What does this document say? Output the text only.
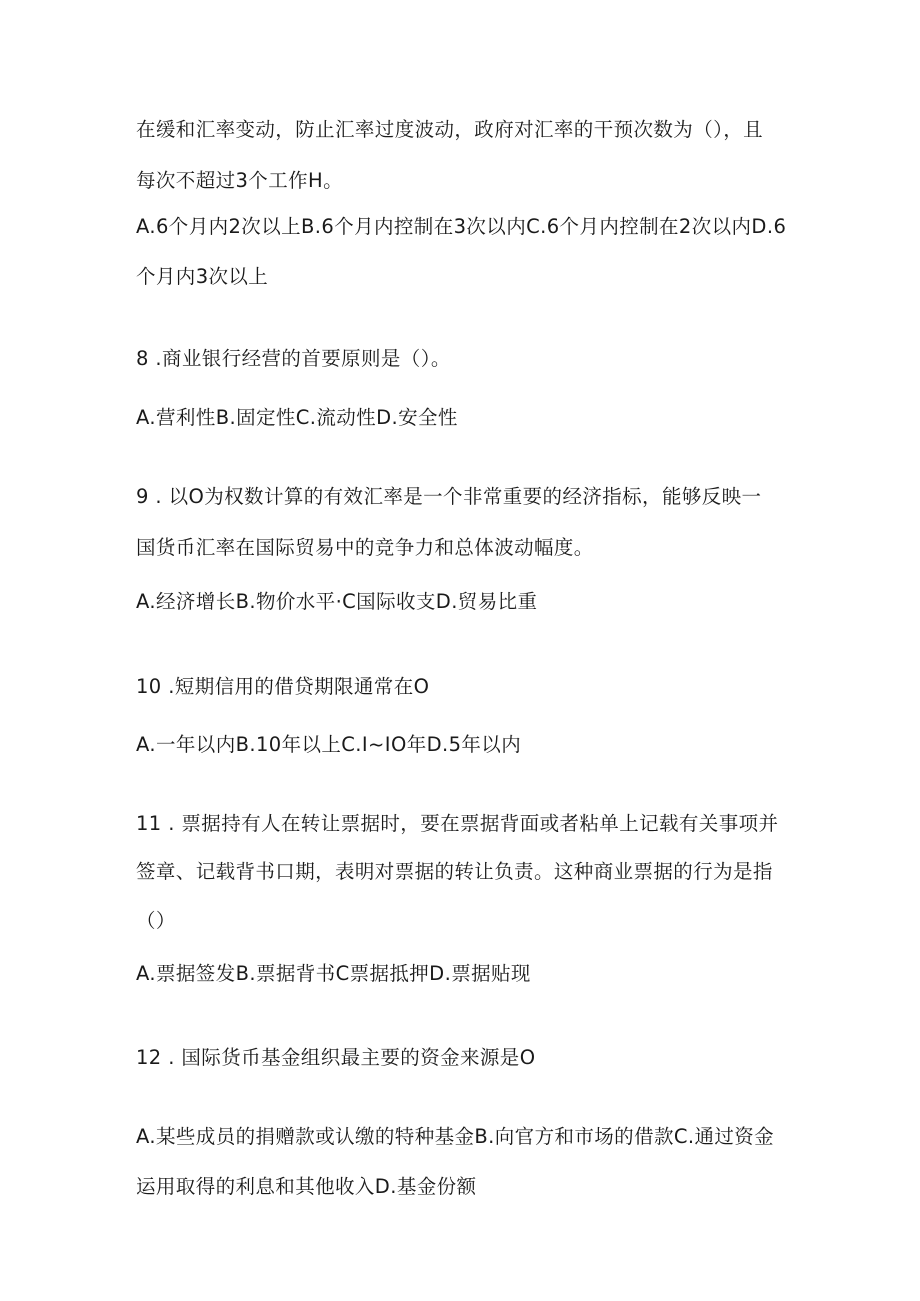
在缓和汇率变动，防止汇率过度波动，政府对汇率的干预次数为（），且
每次不超过3个工作H。
A.6个月内2次以上B.6个月内控制在3次以内C.6个月内控制在2次以内D.6
个月内3次以上
8 .商业银行经营的首要原则是（）。
A.营利性B.固定性C.流动性D.安全性
9 . 以O为权数计算的有效汇率是一个非常重要的经济指标，能够反映一
国货币汇率在国际贸易中的竞争力和总体波动幅度。
A.经济增长B.物价水平·C国际收支D.贸易比重
10 .短期信用的借贷期限通常在O
A.一年以内B.10年以上C.I~IO年D.5年以内
11 . 票据持有人在转让票据时，要在票据背面或者粘单上记载有关事项并
签章、记载背书口期，表明对票据的转让负责。这种商业票据的行为是指
（）
A.票据签发B.票据背书C票据抵押D.票据贴现
12 . 国际货币基金组织最主要的资金来源是O
A.某些成员的捐赠款或认缴的特种基金B.向官方和市场的借款C.通过资金
运用取得的利息和其他收入D.基金份额
